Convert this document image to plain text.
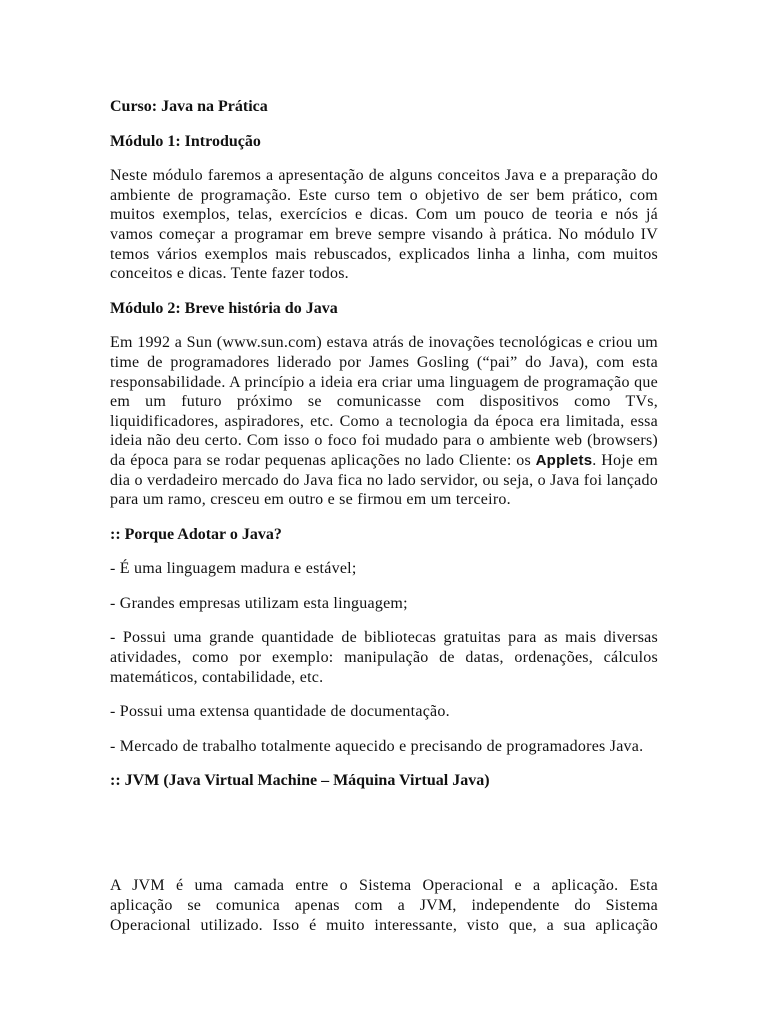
Curso: Java na Prática
Módulo 1: Introdução

Neste módulo faremos a apresentação de alguns conceitos Java e a preparação do ambiente de programação. Este curso tem o objetivo de ser bem prático, com muitos exemplos, telas, exercícios e dicas. Com um pouco de teoria e nós já vamos começar a programar em breve sempre visando à prática. No módulo IV temos vários exemplos mais rebuscados, explicados linha a linha, com muitos conceitos e dicas. Tente fazer todos.

Módulo 2: Breve história do Java

Em 1992 a Sun (www.sun.com) estava atrás de inovações tecnológicas e criou um time de programadores liderado por James Gosling (“pai” do Java), com esta responsabilidade. A princípio a ideia era criar uma linguagem de programação que em um futuro próximo se comunicasse com dispositivos como TVs, liquidificadores, aspiradores, etc. Como a tecnologia da época era limitada, essa ideia não deu certo. Com isso o foco foi mudado para o ambiente web (browsers) da época para se rodar pequenas aplicações no lado Cliente: os Applets. Hoje em dia o verdadeiro mercado do Java fica no lado servidor, ou seja, o Java foi lançado para um ramo, cresceu em outro e se firmou em um terceiro.

:: Porque Adotar o Java?
- É uma linguagem madura e estável;
- Grandes empresas utilizam esta linguagem;
- Possui uma grande quantidade de bibliotecas gratuitas para as mais diversas atividades, como por exemplo: manipulação de datas, ordenações, cálculos matemáticos, contabilidade, etc.
- Possui uma extensa quantidade de documentação.
- Mercado de trabalho totalmente aquecido e precisando de programadores Java.
:: JVM (Java Virtual Machine – Máquina Virtual Java)
A JVM é uma camada entre o Sistema Operacional e a aplicação. Esta
aplicação se comunica apenas com a JVM, independente do Sistema
Operacional utilizado. Isso é muito interessante, visto que, a sua aplicação
